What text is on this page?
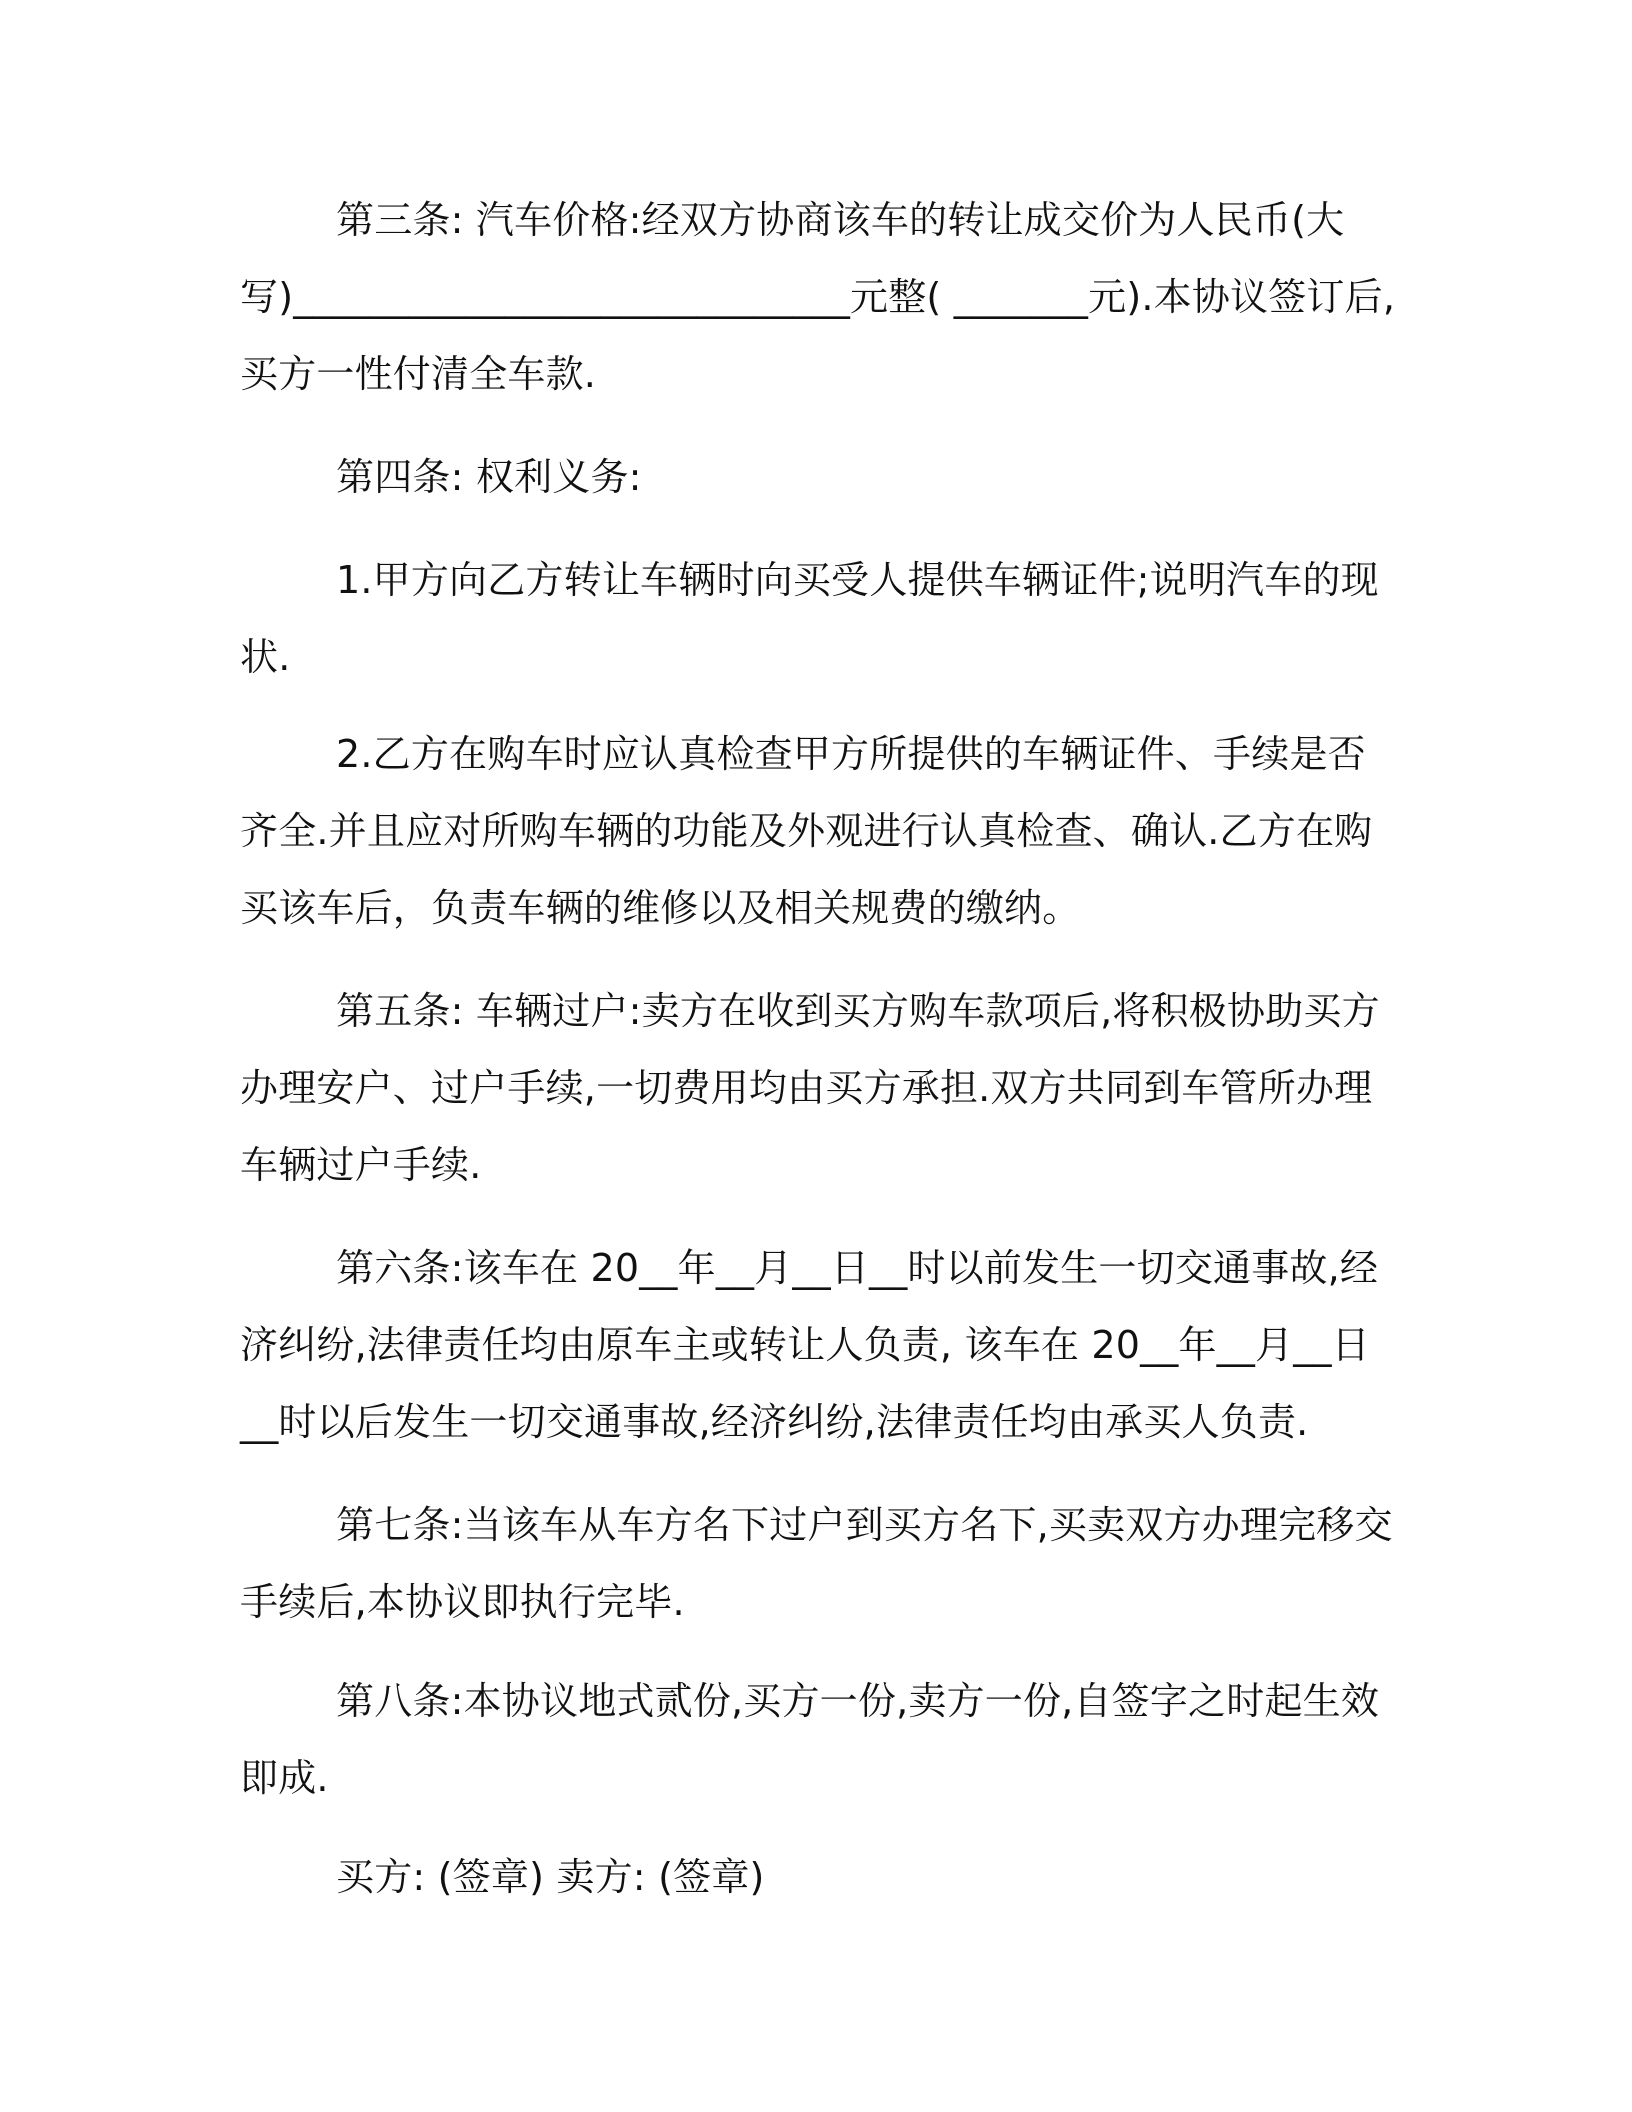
第三条: 汽车价格:经双方协商该车的转让成交价为人民币(大写)_____________________________元整( _______元).本协议签订后,买方一性付清全车款.

第四条: 权利义务:

1.甲方向乙方转让车辆时向买受人提供车辆证件;说明汽车的现状.

2.乙方在购车时应认真检查甲方所提供的车辆证件、手续是否齐全.并且应对所购车辆的功能及外观进行认真检查、确认.乙方在购买该车后，负责车辆的维修以及相关规费的缴纳。

第五条: 车辆过户:卖方在收到买方购车款项后,将积极协助买方办理安户、过户手续,一切费用均由买方承担.双方共同到车管所办理车辆过户手续.

第六条:该车在 20__年__月__日__时以前发生一切交通事故,经济纠纷,法律责任均由原车主或转让人负责, 该车在 20__年__月__日__时以后发生一切交通事故,经济纠纷,法律责任均由承买人负责.

第七条:当该车从车方名下过户到买方名下,买卖双方办理完移交手续后,本协议即执行完毕.

第八条:本协议地式贰份,买方一份,卖方一份,自签字之时起生效即成.

买方: (签章) 卖方: (签章)
